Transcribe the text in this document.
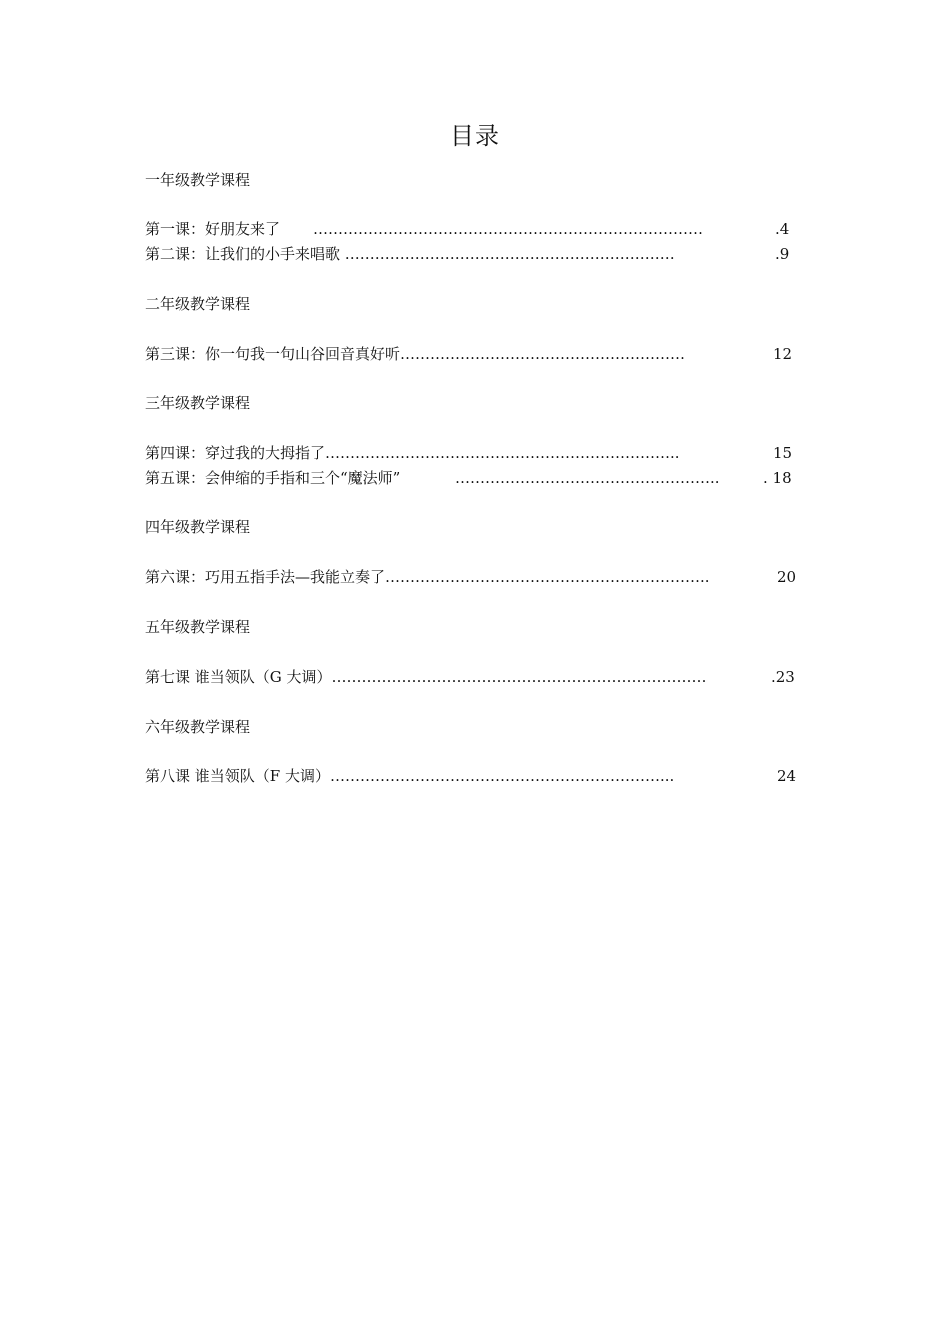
目录
一年级教学课程
第一课：好朋友来了 ……………………………………………………………………	.4
第二课：让我们的小手来唱歌 …………………………………………………………	.9
二年级教学课程
第三课：你一句我一句山谷回音真好听…………………………………………………	12
三年级教学课程
第四课：穿过我的大拇指了……………………………………………………………..	15
第五课：会伸缩的手指和三个“魔法师”	……………………………………………..	. 18
四年级教学课程
第六课：巧用五指手法—我能立奏了………………………………………………………..	20
五年级教学课程
第七课 谁当领队（G 大调）…………………………………………………………………	.23
六年级教学课程
第八课 谁当领队（F 大调）…………………………………………………………...	24
